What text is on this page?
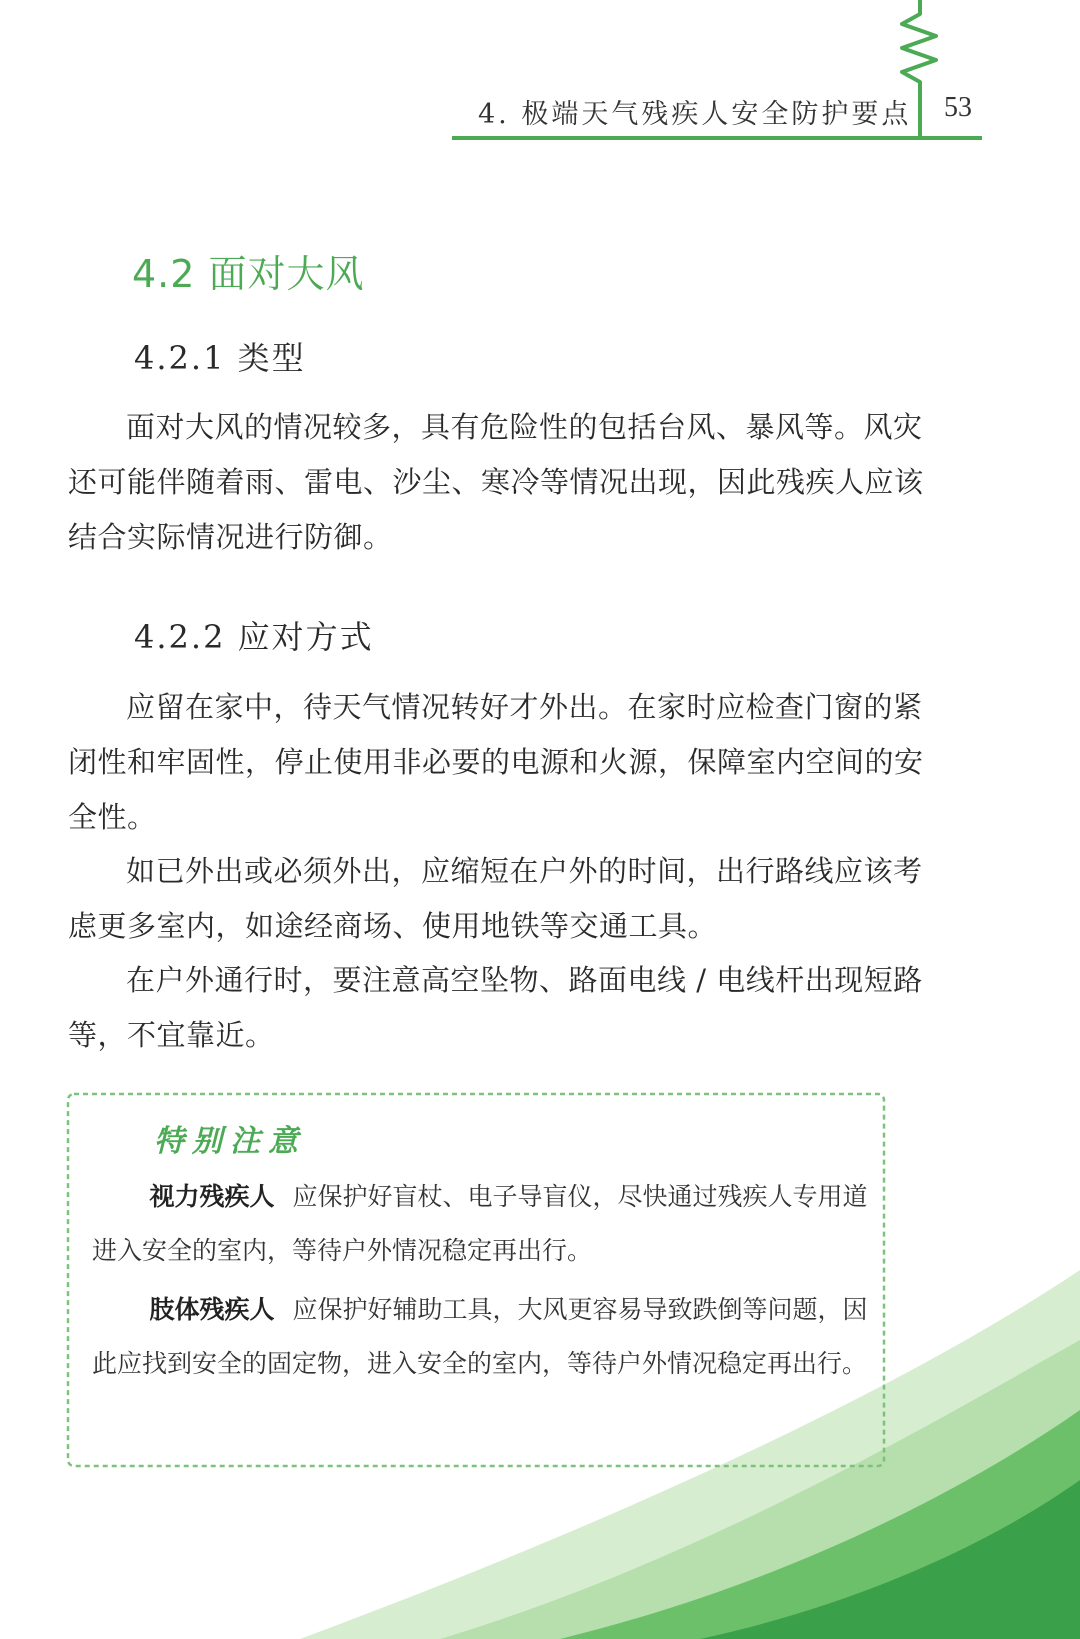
4. 极端天气残疾人安全防护要点 53
4.2 面对大风
4.2.1 类型
面对大风的情况较多，具有危险性的包括台风、暴风等。风灾还可能伴随着雨、雷电、沙尘、寒冷等情况出现，因此残疾人应该结合实际情况进行防御。
4.2.2 应对方式
应留在家中，待天气情况转好才外出。在家时应检查门窗的紧闭性和牢固性，停止使用非必要的电源和火源，保障室内空间的安全性。
如已外出或必须外出，应缩短在户外的时间，出行路线应该考虑更多室内，如途经商场、使用地铁等交通工具。
在户外通行时，要注意高空坠物、路面电线 / 电线杆出现短路等，不宜靠近。
特别注意
视力残疾人 应保护好盲杖、电子导盲仪，尽快通过残疾人专用道进入安全的室内，等待户外情况稳定再出行。
肢体残疾人 应保护好辅助工具，大风更容易导致跌倒等问题，因此应找到安全的固定物，进入安全的室内，等待户外情况稳定再出行。
